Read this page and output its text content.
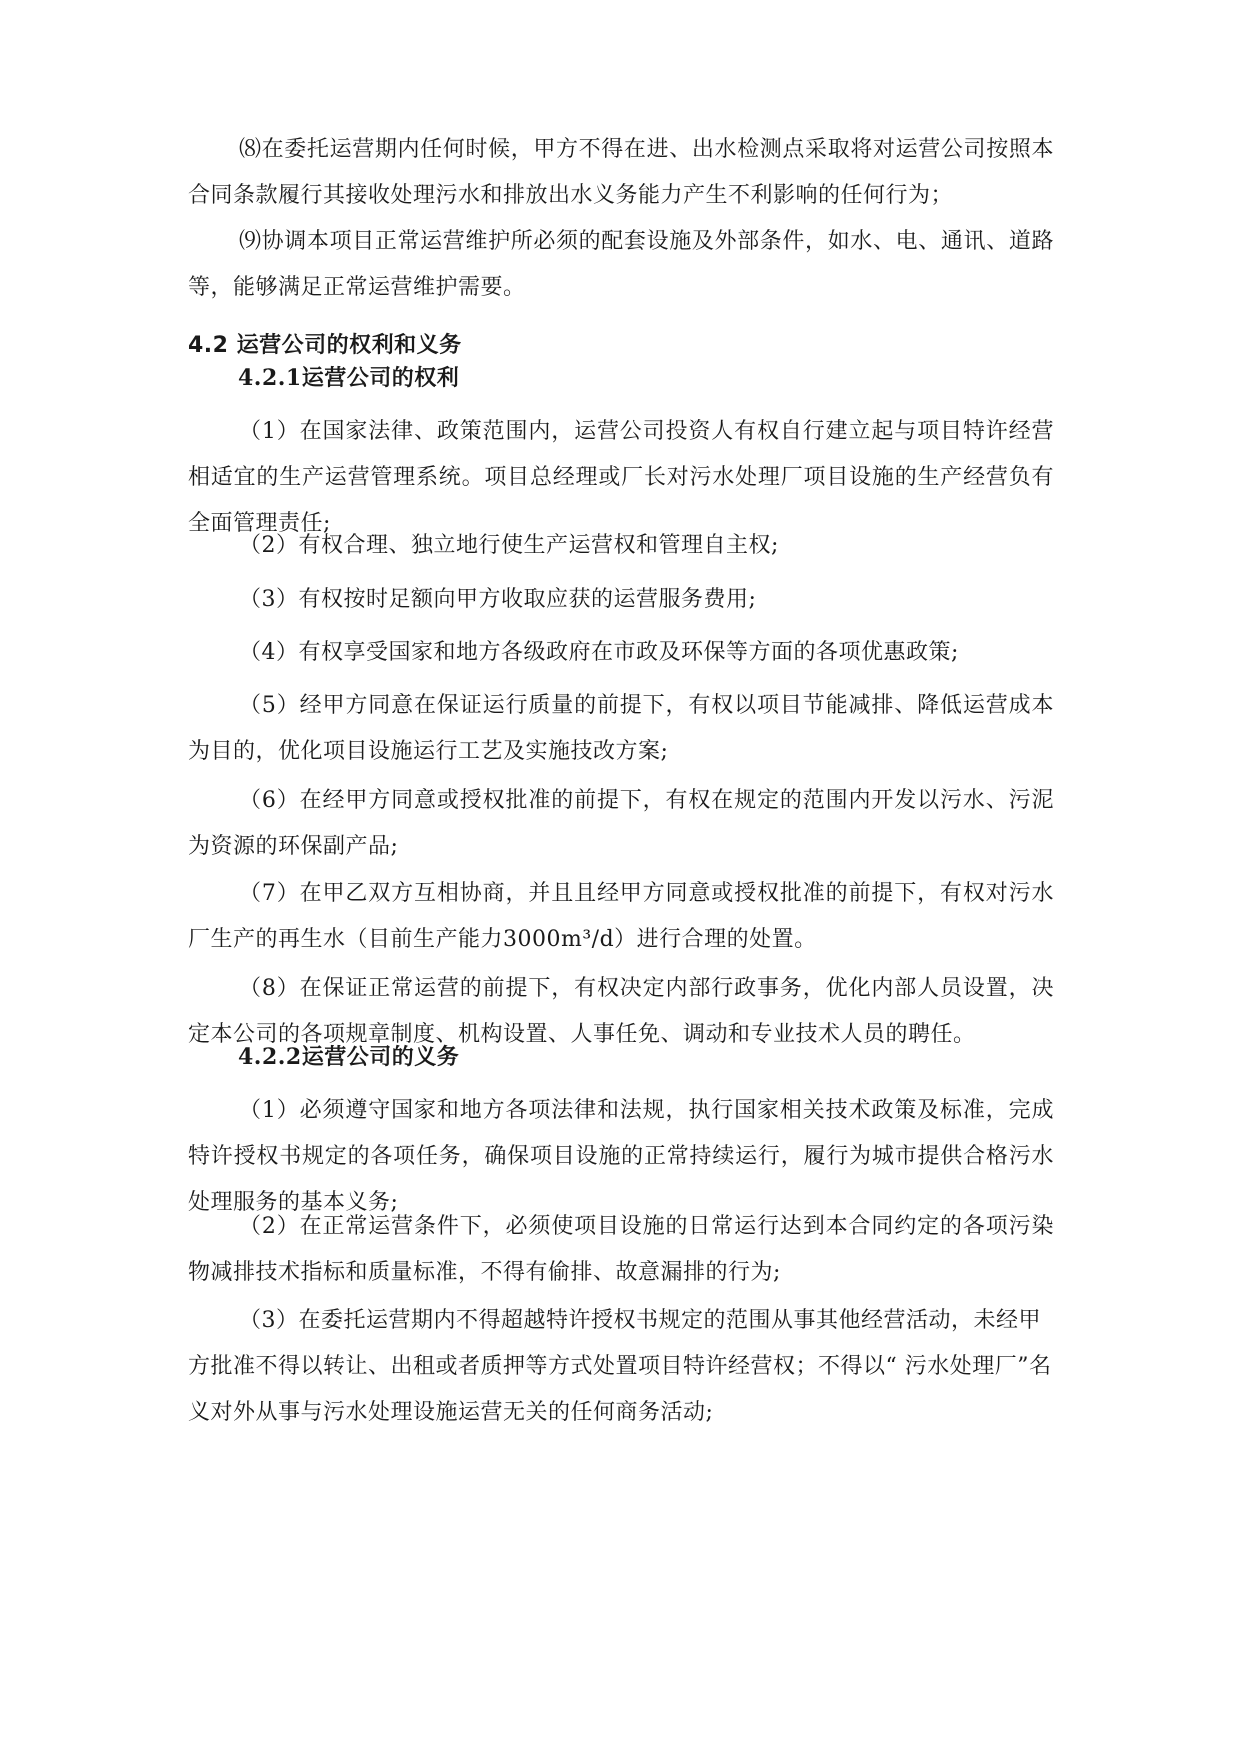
⑻在委托运营期内任何时候，甲方不得在进、出水检测点采取将对运营公司按照本合同条款履行其接收处理污水和排放出水义务能力产生不利影响的任何行为；

⑼协调本项目正常运营维护所必须的配套设施及外部条件，如水、电、通讯、道路等，能够满足正常运营维护需要。

4.2 运营公司的权利和义务
4.2.1运营公司的权利

（1）在国家法律、政策范围内，运营公司投资人有权自行建立起与项目特许经营相适宜的生产运营管理系统。项目总经理或厂长对污水处理厂项目设施的生产经营负有全面管理责任;

（2）有权合理、独立地行使生产运营权和管理自主权;

（3）有权按时足额向甲方收取应获的运营服务费用;

（4）有权享受国家和地方各级政府在市政及环保等方面的各项优惠政策;

（5）经甲方同意在保证运行质量的前提下，有权以项目节能减排、降低运营成本为目的，优化项目设施运行工艺及实施技改方案;

（6）在经甲方同意或授权批准的前提下，有权在规定的范围内开发以污水、污泥为资源的环保副产品;

（7）在甲乙双方互相协商，并且且经甲方同意或授权批准的前提下，有权对污水厂生产的再生水（目前生产能力3000m³/d）进行合理的处置。

（8）在保证正常运营的前提下，有权决定内部行政事务，优化内部人员设置，决定本公司的各项规章制度、机构设置、人事任免、调动和专业技术人员的聘任。

4.2.2运营公司的义务

（1）必须遵守国家和地方各项法律和法规，执行国家相关技术政策及标准，完成特许授权书规定的各项任务，确保项目设施的正常持续运行，履行为城市提供合格污水处理服务的基本义务;

（2）在正常运营条件下，必须使项目设施的日常运行达到本合同约定的各项污染物减排技术指标和质量标准，不得有偷排、故意漏排的行为;

（3）在委托运营期内不得超越特许授权书规定的范围从事其他经营活动，未经甲方批准不得以转让、出租或者质押等方式处置项目特许经营权；不得以“ 污水处理厂”名义对外从事与污水处理设施运营无关的任何商务活动;
